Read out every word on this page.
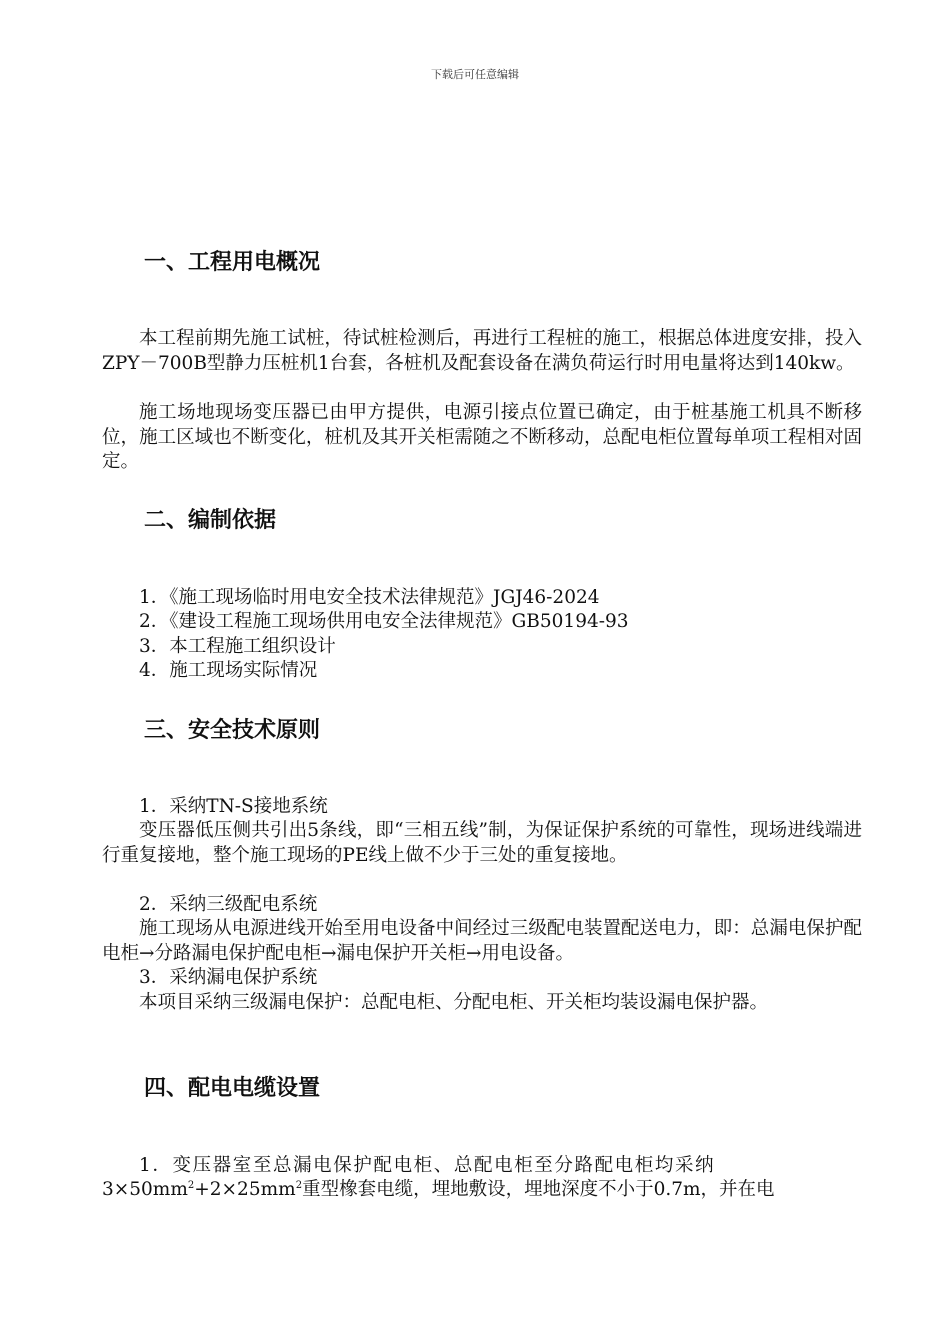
下载后可任意编辑
一、工程用电概况
本工程前期先施工试桩，待试桩检测后，再进行工程桩的施工，根据总体进度安排，投入ZPY－700B型静力压桩机1台套，各桩机及配套设备在满负荷运行时用电量将达到140kw。
施工场地现场变压器已由甲方提供，电源引接点位置已确定，由于桩基施工机具不断移位，施工区域也不断变化，桩机及其开关柜需随之不断移动，总配电柜位置每单项工程相对固定。
二、编制依据
1．《施工现场临时用电安全技术法律规范》JGJ46-2024
2．《建设工程施工现场供用电安全法律规范》GB50194-93
3．本工程施工组织设计
4．施工现场实际情况
三、安全技术原则
1．采纳TN-S接地系统
变压器低压侧共引出5条线，即“三相五线”制，为保证保护系统的可靠性，现场进线端进行重复接地，整个施工现场的PE线上做不少于三处的重复接地。
2．采纳三级配电系统
施工现场从电源进线开始至用电设备中间经过三级配电装置配送电力，即：总漏电保护配电柜→分路漏电保护配电柜→漏电保护开关柜→用电设备。
3．采纳漏电保护系统
本项目采纳三级漏电保护：总配电柜、分配电柜、开关柜均装设漏电保护器。
四、配电电缆设置
1．变压器室至总漏电保护配电柜、总配电柜至分路配电柜均采纳
$3\times 50mm^2+2\times 25mm^2$重型橡套电缆，埋地敷设，埋地深度不小于0.7m，并在电
